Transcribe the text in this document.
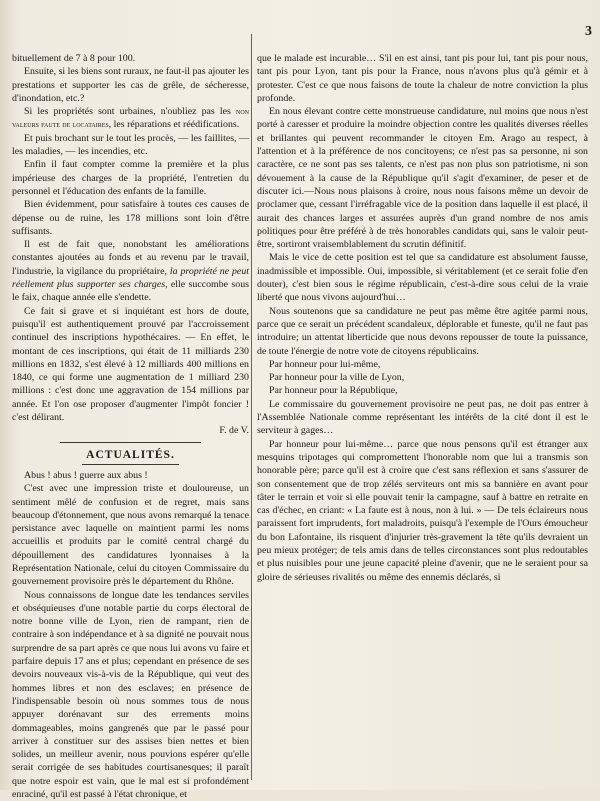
3

bituellement de 7 à 8 pour 100.

Ensuite, si les biens sont ruraux, ne faut-il pas ajouter les prestations et supporter les cas de grêle, de sécheresse, d'inondation, etc.?

Si les propriétés sont urbaines, n'oubliez pas les non valeurs faute de locataires, les réparations et réédifications.

Et puis brochant sur le tout les procès, — les faillites, — les maladies, — les incendies, etc.

Enfin il faut compter comme la première et la plus impérieuse des charges de la propriété, l'entretien du personnel et l'éducation des enfants de la famille.

Bien évidemment, pour satisfaire à toutes ces causes de dépense ou de ruine, les 178 millions sont loin d'être suffisants.

Il est de fait que, nonobstant les améliorations constantes ajoutées au fonds et au revenu par le travail, l'industrie, la vigilance du propriétaire, la propriété ne peut réellement plus supporter ses charges, elle succombe sous le faix, chaque année elle s'endette.

Ce fait si grave et si inquiétant est hors de doute, puisqu'il est authentiquement prouvé par l'accroissement continuel des inscriptions hypothécaires. — En effet, le montant de ces inscriptions, qui était de 11 milliards 230 millions en 1832, s'est élevé à 12 milliards 400 millions en 1840, ce qui forme une augmentation de 1 milliard 230 millions : c'est donc une aggravation de 154 millions par année. Et l'on ose proposer d'augmenter l'impôt foncier ! c'est délirant.

F. de V.
ACTUALITÉS.

Abus ! abus ! guerre aux abus !

C'est avec une impression triste et douloureuse, un sentiment mêlé de confusion et de regret, mais sans beaucoup d'étonnement, que nous avons remarqué la tenace persistance avec laquelle on maintient parmi les noms accueillis et produits par le comité central chargé du dépouillement des candidatures lyonnaises à la Représentation Nationale, celui du citoyen Commissaire du gouvernement provisoire près le département du Rhône.

Nous connaissons de longue date les tendances serviles et obséquieuses d'une notable partie du corps électoral de notre bonne ville de Lyon, rien de rampant, rien de contraire à son indépendance et à sa dignité ne pouvait nous surprendre de sa part après ce que nous lui avons vu faire et parfaire depuis 17 ans et plus; cependant en présence de ses devoirs nouveaux vis-à-vis de la République, qui veut des hommes libres et non des esclaves; en présence de l'indispensable besoin où nous sommes tous de nous appuyer dorénavant sur des errements moins dommageables, moins gangrenés que par le passé pour arriver à constituer sur des assises bien nettes et bien solides, un meilleur avenir, nous pouvions espérer qu'elle serait corrigée de ses habitudes courtisanesques; il paraît que notre espoir est vain, que le mal est si profondément enraciné, qu'il est passé à l'état chronique, et

que le malade est incurable… S'il en est ainsi, tant pis pour lui, tant pis pour nous, tant pis pour Lyon, tant pis pour la France, nous n'avons plus qu'à gémir et à protester. C'est ce que nous faisons de toute la chaleur de notre conviction la plus profonde.

En nous élevant contre cette monstrueuse candidature, nul moins que nous n'est porté à caresser et produire la moindre objection contre les qualités diverses réelles et brillantes qui peuvent recommander le citoyen Em. Arago au respect, à l'attention et à la préférence de nos concitoyens; ce n'est pas sa personne, ni son caractère, ce ne sont pas ses talents, ce n'est pas non plus son patriotisme, ni son dévouement à la cause de la République qu'il s'agit d'examiner, de peser et de discuter ici.—Nous nous plaisons à croire, nous nous faisons même un devoir de proclamer que, cessant l'irréfragable vice de la position dans laquelle il est placé, il aurait des chances larges et assurées auprès d'un grand nombre de nos amis politiques pour être préféré à de très honorables candidats qui, sans le valoir peut-être, sortiront vraisemblablement du scrutin définitif.

Mais le vice de cette position est tel que sa candidature est absolument fausse, inadmissible et impossible. Oui, impossible, si véritablement (et ce serait folie d'en douter), c'est bien sous le régime républicain, c'est-à-dire sous celui de la vraie liberté que nous vivons aujourd'hui…

Nous soutenons que sa candidature ne peut pas même être agitée parmi nous, parce que ce serait un précédent scandaleux, déplorable et funeste, qu'il ne faut pas introduire; un attentat liberticide que nous devons repousser de toute la puissance, de toute l'énergie de notre vote de citoyens républicains.

Par honneur pour lui-même,

Par honneur pour la ville de Lyon,

Par honneur pour la République,

Le commissaire du gouvernement provisoire ne peut pas, ne doit pas entrer à l'Assemblée Nationale comme représentant les intérêts de la cité dont il est le serviteur à gages…

Par honneur pour lui-même… parce que nous pensons qu'il est étranger aux mesquins tripotages qui compromettent l'honorable nom que lui a transmis son honorable père; parce qu'il est à croire que c'est sans réflexion et sans s'assurer de son consentement que de trop zélés serviteurs ont mis sa bannière en avant pour tâter le terrain et voir si elle pouvait tenir la campagne, sauf à battre en retraite en cas d'échec, en criant: « La faute est à nous, non à lui. » — De tels éclaireurs nous paraissent fort imprudents, fort maladroits, puisqu'à l'exemple de l'Ours émoucheur du bon Lafontaine, ils risquent d'injurier très-gravement la tête qu'ils devraient un peu mieux protéger; de tels amis dans de telles circonstances sont plus redoutables et plus nuisibles pour une jeune capacité pleine d'avenir, que ne le seraient pour sa gloire de sérieuses rivalités ou même des ennemis déclarés, si
